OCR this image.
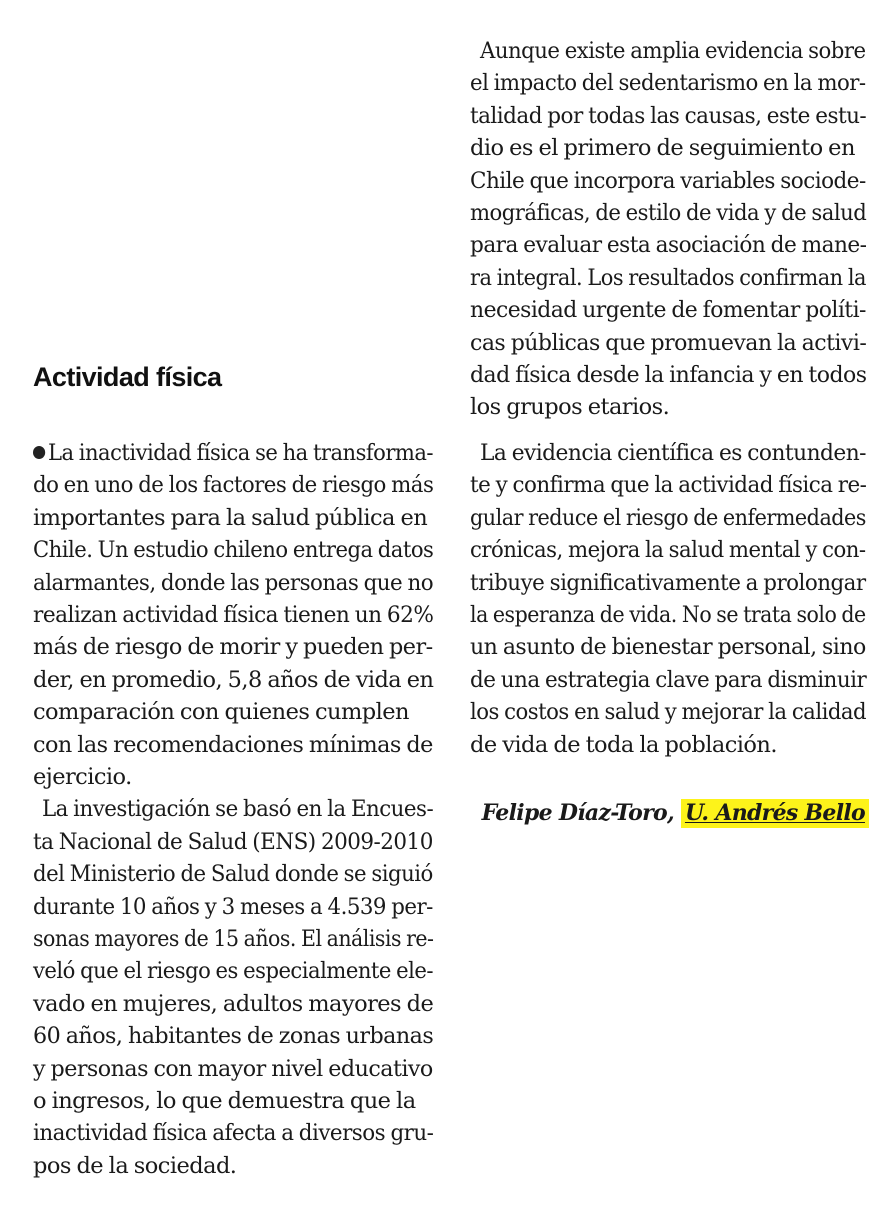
Actividad física
La inactividad física se ha transforma-
do en uno de los factores de riesgo más
importantes para la salud pública en
Chile. Un estudio chileno entrega datos
alarmantes, donde las personas que no
realizan actividad física tienen un 62%
más de riesgo de morir y pueden per-
der, en promedio, 5,8 años de vida en
comparación con quienes cumplen
con las recomendaciones mínimas de
ejercicio.
La investigación se basó en la Encues-
ta Nacional de Salud (ENS) 2009-2010
del Ministerio de Salud donde se siguió
durante 10 años y 3 meses a 4.539 per-
sonas mayores de 15 años. El análisis re-
veló que el riesgo es especialmente ele-
vado en mujeres, adultos mayores de
60 años, habitantes de zonas urbanas
y personas con mayor nivel educativo
o ingresos, lo que demuestra que la
inactividad física afecta a diversos gru-
pos de la sociedad.
Aunque existe amplia evidencia sobre
el impacto del sedentarismo en la mor-
talidad por todas las causas, este estu-
dio es el primero de seguimiento en
Chile que incorpora variables sociode-
mográficas, de estilo de vida y de salud
para evaluar esta asociación de mane-
ra integral. Los resultados confirman la
necesidad urgente de fomentar políti-
cas públicas que promuevan la activi-
dad física desde la infancia y en todos
los grupos etarios.
La evidencia científica es contunden-
te y confirma que la actividad física re-
gular reduce el riesgo de enfermedades
crónicas, mejora la salud mental y con-
tribuye significativamente a prolongar
la esperanza de vida. No se trata solo de
un asunto de bienestar personal, sino
de una estrategia clave para disminuir
los costos en salud y mejorar la calidad
de vida de toda la población.
Felipe Díaz-Toro, U. Andrés Bello
